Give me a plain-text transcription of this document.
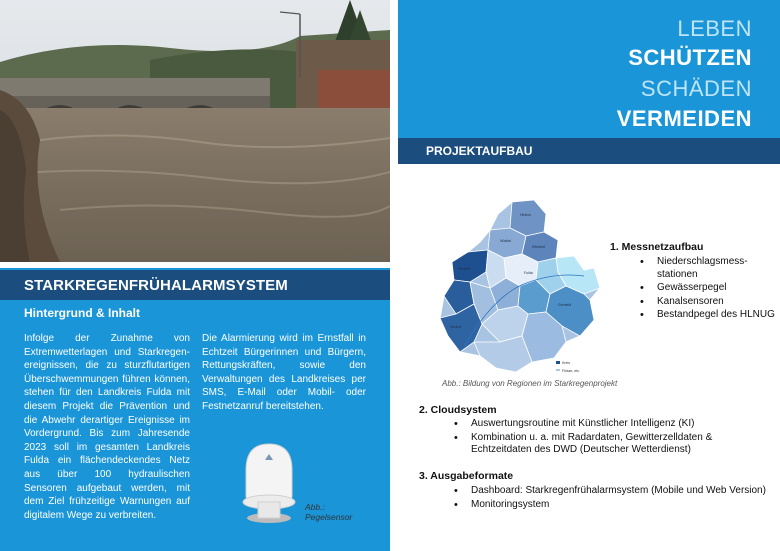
Foto: LK Fulda
STARKREGENFRÜHALARMSYSTEM
Hintergrund & Inhalt
Infolge der Zunahme von Extremwetterlagen und Starkregenereignissen, die zu sturzflutartigen Überschwemmungen führen können, stehen für den Landkreis Fulda mit diesem Projekt die Prävention und die Abwehr derartiger Ereignisse im Vordergrund. Bis zum Jahresende 2023 soll im gesamten Landkreis Fulda ein flächendeckendes Netz aus über 100 hydraulischen Sensoren aufgebaut werden, mit dem Ziel frühzeitige Warnungen auf digitalem Wege zu verbreiten.
Die Alarmierung wird im Ernstfall in Echtzeit Bürgerinnen und Bürgern, Rettungskräften, sowie den Verwaltungen des Landkreises per SMS, E-Mail oder Mobil- oder Festnetzanruf bereitstehen.
Abb.:
Pegelsensor
LEBEN
SCHÜTZEN
SCHÄDEN
VERMEIDEN
PROJEKTAUFBAU
Hilders
Nüsttal
Eiterfeld
Hünfeld
Fulda
Gersfeld
Neuhof
Kreis
Flüsse, etc.
Abb.: Bildung von Regionen im Starkregenprojekt
1. Messnetzaufbau
• Niederschlagsmess-stationen
• Gewässerpegel
• Kanalsensoren
• Bestandpegel des HLNUG
2. Cloudsystem
• Auswertungsroutine mit Künstlicher Intelligenz (KI)
• Kombination u. a. mit Radardaten, Gewitterzelldaten & Echtzeitdaten des DWD (Deutscher Wetterdienst)
3. Ausgabeformate
• Dashboard: Starkregenfrühalarmsystem (Mobile und Web Version)
• Monitoringsystem
